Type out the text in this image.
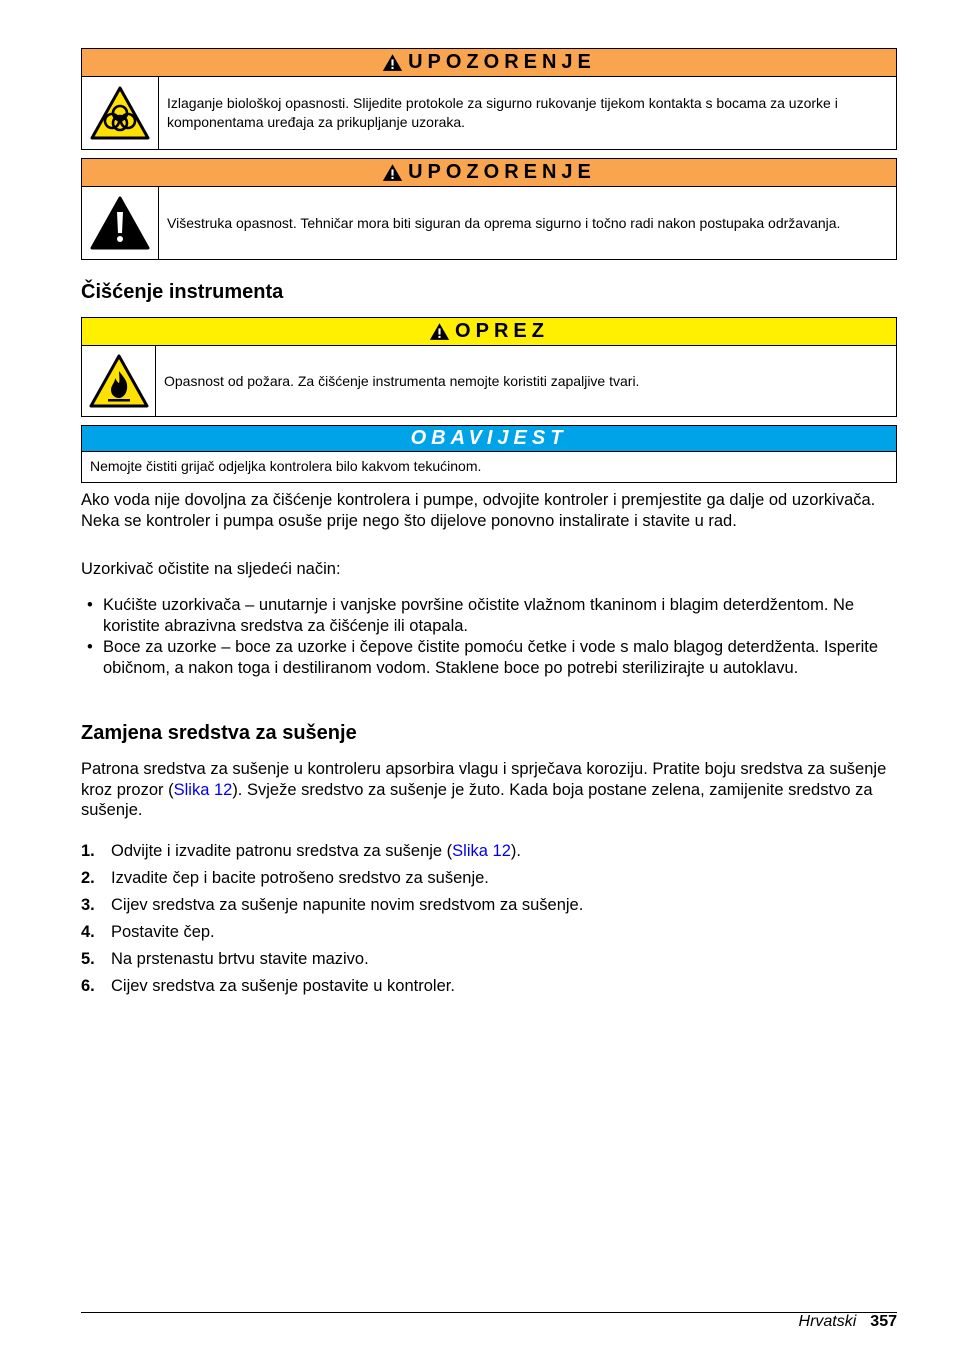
UPOZORENJE
Izlaganje biološkoj opasnosti. Slijedite protokole za sigurno rukovanje tijekom kontakta s bocama za uzorke i komponentama uređaja za prikupljanje uzoraka.
UPOZORENJE
Višestruka opasnost. Tehničar mora biti siguran da oprema sigurno i točno radi nakon postupaka održavanja.
Čišćenje instrumenta
OPREZ
Opasnost od požara. Za čišćenje instrumenta nemojte koristiti zapaljive tvari.
OBAVIJEST
Nemojte čistiti grijač odjeljka kontrolera bilo kakvom tekućinom.

Ako voda nije dovoljna za čišćenje kontrolera i pumpe, odvojite kontroler i premjestite ga dalje od uzorkivača. Neka se kontroler i pumpa osuše prije nego što dijelove ponovno instalirate i stavite u rad.

Uzorkivač očistite na sljedeći način:

• Kućište uzorkivača – unutarnje i vanjske površine očistite vlažnom tkaninom i blagim deterdžentom. Ne koristite abrazivna sredstva za čišćenje ili otapala.
• Boce za uzorke – boce za uzorke i čepove čistite pomoću četke i vode s malo blagog deterdženta. Isperite običnom, a nakon toga i destiliranom vodom. Staklene boce po potrebi sterilizirajte u autoklavu.
Zamjena sredstva za sušenje

Patrona sredstva za sušenje u kontroleru apsorbira vlagu i sprječava koroziju. Pratite boju sredstva za sušenje kroz prozor (Slika 12). Svježe sredstvo za sušenje je žuto. Kada boja postane zelena, zamijenite sredstvo za sušenje.

1. Odvijte i izvadite patronu sredstva za sušenje (Slika 12).
2. Izvadite čep i bacite potrošeno sredstvo za sušenje.
3. Cijev sredstva za sušenje napunite novim sredstvom za sušenje.
4. Postavite čep.
5. Na prstenastu brtvu stavite mazivo.
6. Cijev sredstva za sušenje postavite u kontroler.
Hrvatski 357
